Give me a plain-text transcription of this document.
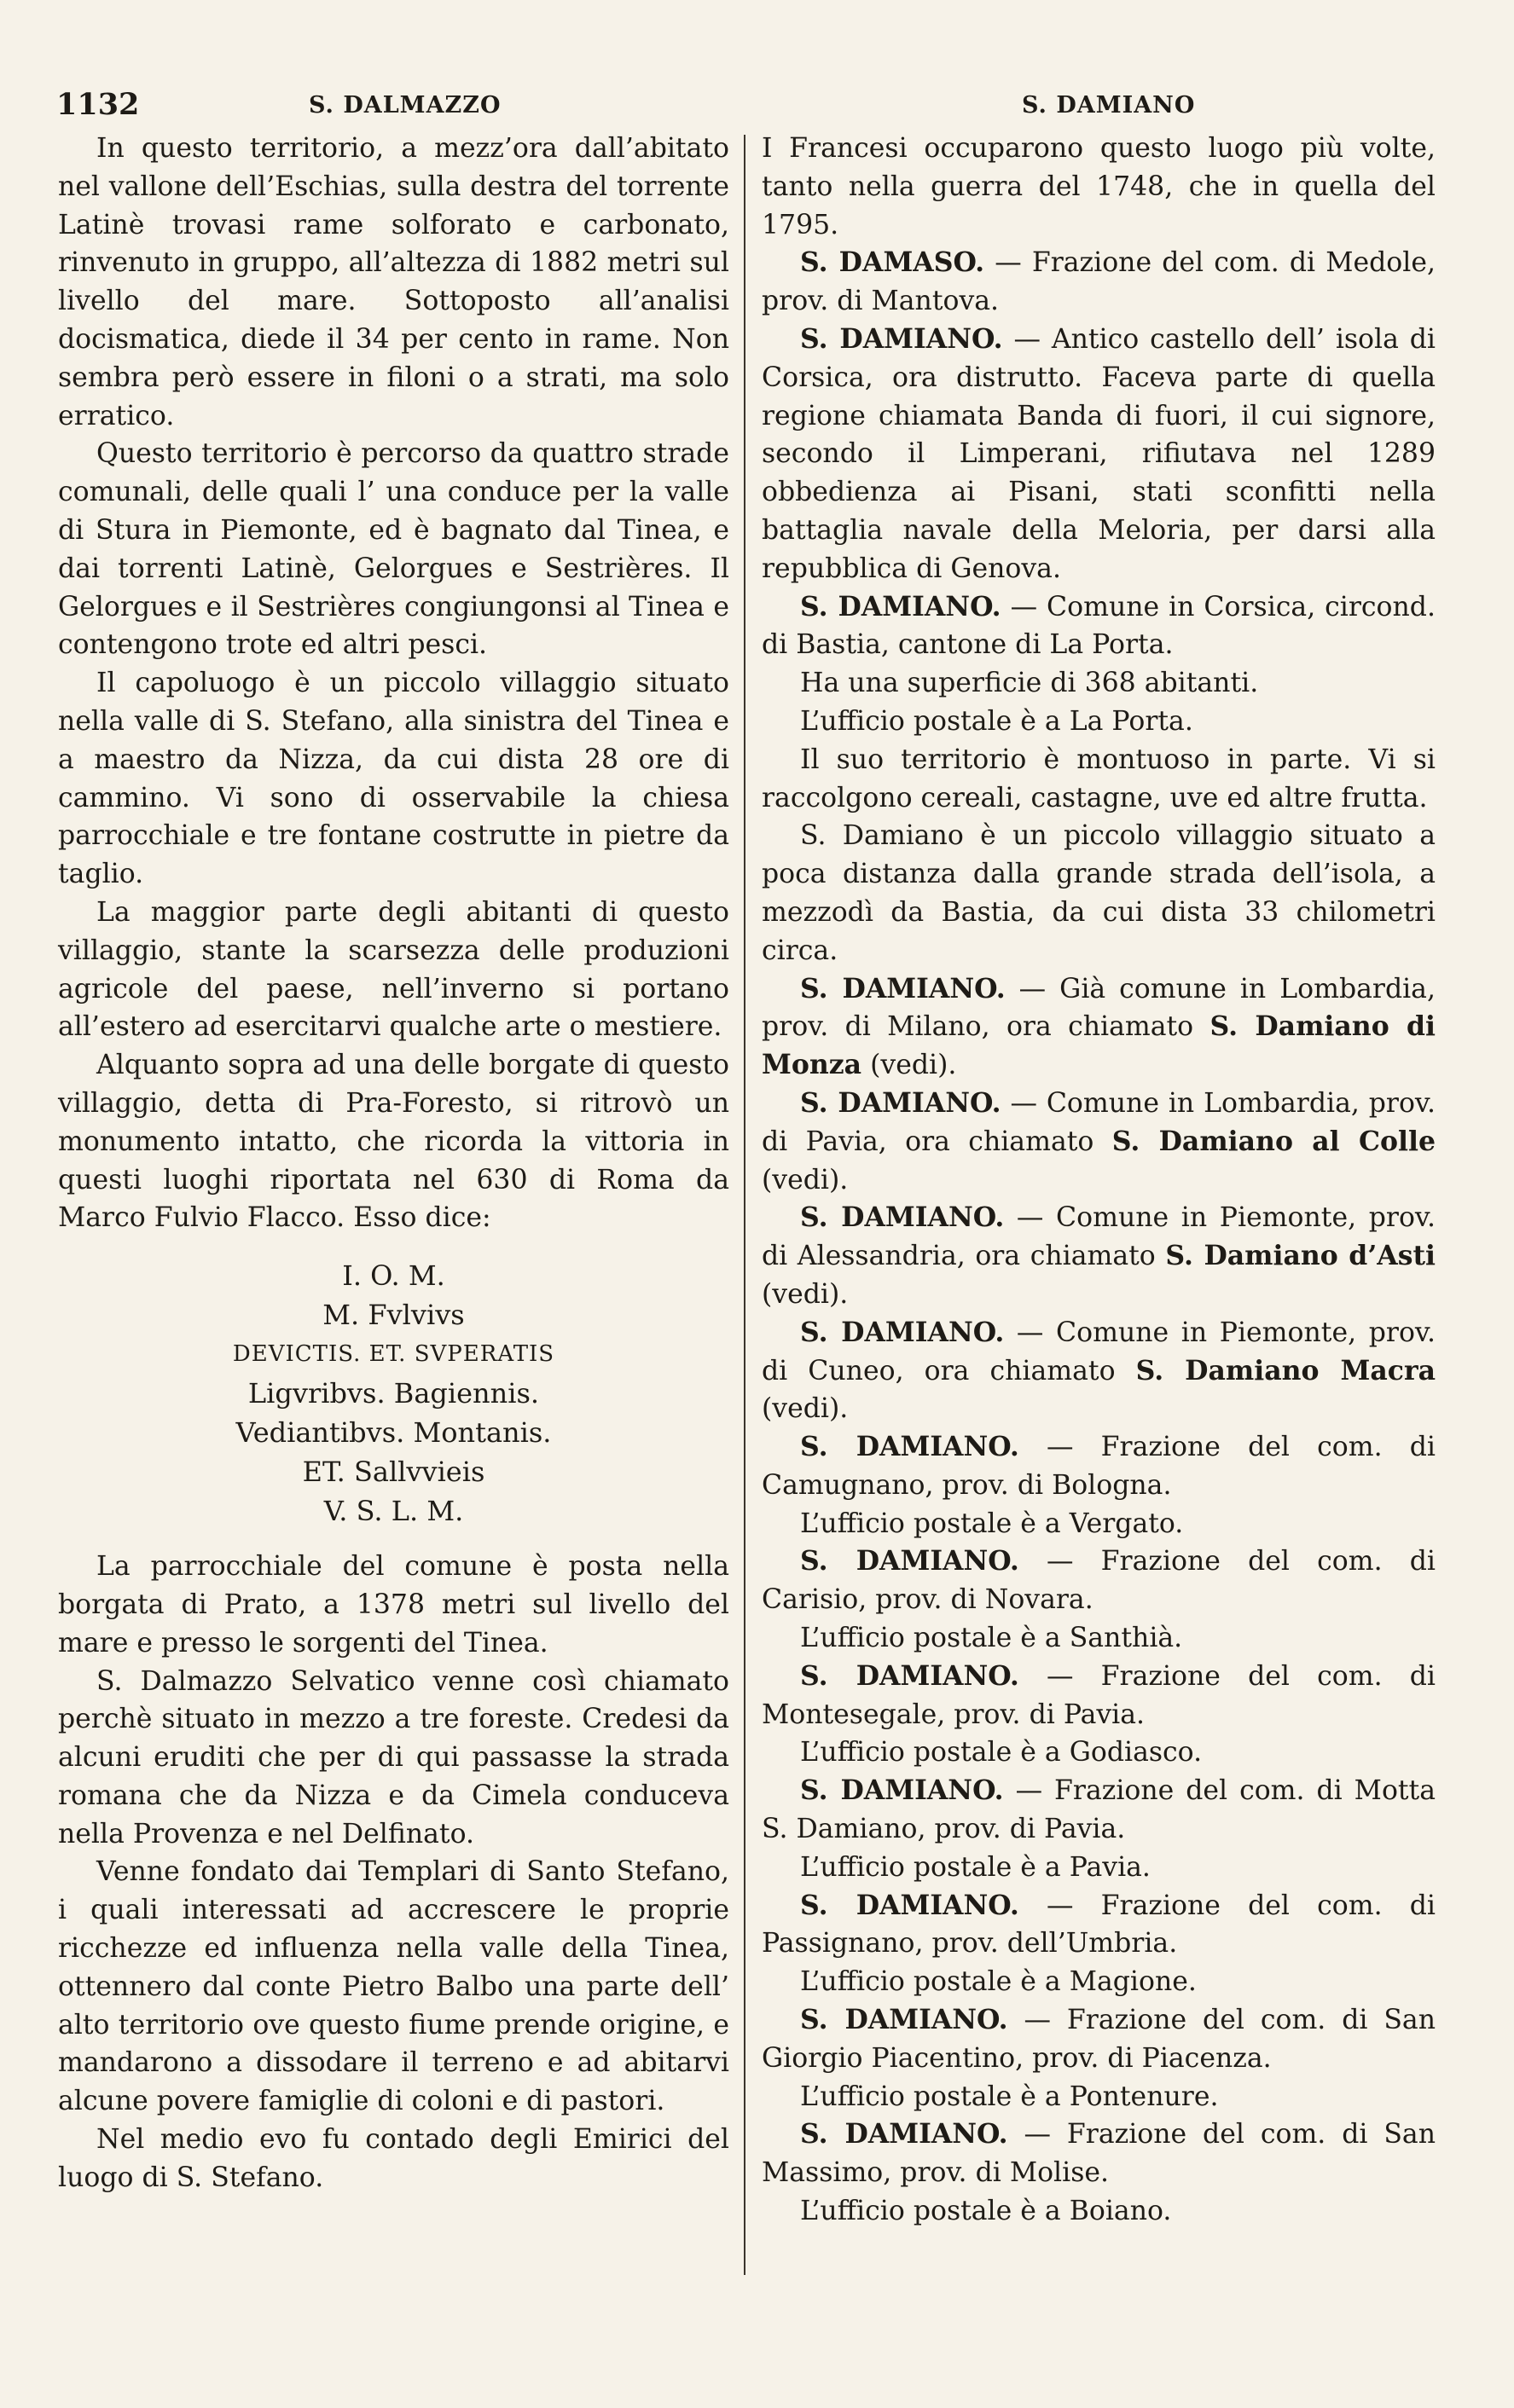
1132	S. DALMAZZO	S. DAMIANO

In questo territorio, a mezz’ora dall’abitato nel vallone dell’Eschias, sulla destra del torrente Latinè trovasi rame solforato e carbonato, rinvenuto in gruppo, all’altezza di 1882 metri sul livello del mare. Sottoposto all’analisi docismatica, diede il 34 per cento in rame. Non sembra però essere in filoni o a strati, ma solo erratico.

Questo territorio è percorso da quattro strade comunali, delle quali l’ una conduce per la valle di Stura in Piemonte, ed è bagnato dal Tinea, e dai torrenti Latinè, Gelorgues e Sestrières. Il Gelorgues e il Sestrières congiungonsi al Tinea e contengono trote ed altri pesci.

Il capoluogo è un piccolo villaggio situato nella valle di S. Stefano, alla sinistra del Tinea e a maestro da Nizza, da cui dista 28 ore di cammino. Vi sono di osservabile la chiesa parrocchiale e tre fontane costrutte in pietre da taglio.

La maggior parte degli abitanti di questo villaggio, stante la scarsezza delle produzioni agricole del paese, nell’inverno si portano all’estero ad esercitarvi qualche arte o mestiere.

Alquanto sopra ad una delle borgate di questo villaggio, detta di Pra-Foresto, si ritrovò un monumento intatto, che ricorda la vittoria in questi luoghi riportata nel 630 di Roma da Marco Fulvio Flacco. Esso dice:

I. O. M.
M. Fvlvivs
DEVICTIS. ET. SVPERATIS
Ligvribvs. Bagiennis.
Vediantibvs. Montanis.
ET. Sallvvieis
V. S. L. M.

La parrocchiale del comune è posta nella borgata di Prato, a 1378 metri sul livello del mare e presso le sorgenti del Tinea.

S. Dalmazzo Selvatico venne così chiamato perchè situato in mezzo a tre foreste. Credesi da alcuni eruditi che per di qui passasse la strada romana che da Nizza e da Cimela conduceva nella Provenza e nel Delfinato.

Venne fondato dai Templari di Santo Stefano, i quali interessati ad accrescere le proprie ricchezze ed influenza nella valle della Tinea, ottennero dal conte Pietro Balbo una parte dell’ alto territorio ove questo fiume prende origine, e mandarono a dissodare il terreno e ad abitarvi alcune povere famiglie di coloni e di pastori.

Nel medio evo fu contado degli Emirici del luogo di S. Stefano.

I Francesi occuparono questo luogo più volte, tanto nella guerra del 1748, che in quella del 1795.

S. DAMASO. — Frazione del com. di Medole, prov. di Mantova.

S. DAMIANO. — Antico castello dell’ isola di Corsica, ora distrutto. Faceva parte di quella regione chiamata Banda di fuori, il cui signore, secondo il Limperani, rifiutava nel 1289 obbedienza ai Pisani, stati sconfitti nella battaglia navale della Meloria, per darsi alla repubblica di Genova.

S. DAMIANO. — Comune in Corsica, circond. di Bastia, cantone di La Porta.

Ha una superficie di 368 abitanti.

L’ufficio postale è a La Porta.

Il suo territorio è montuoso in parte. Vi si raccolgono cereali, castagne, uve ed altre frutta.

S. Damiano è un piccolo villaggio situato a poca distanza dalla grande strada dell’isola, a mezzodì da Bastia, da cui dista 33 chilometri circa.

S. DAMIANO. — Già comune in Lombardia, prov. di Milano, ora chiamato S. Damiano di Monza (vedi).

S. DAMIANO. — Comune in Lombardia, prov. di Pavia, ora chiamato S. Damiano al Colle (vedi).

S. DAMIANO. — Comune in Piemonte, prov. di Alessandria, ora chiamato S. Damiano d’Asti (vedi).

S. DAMIANO. — Comune in Piemonte, prov. di Cuneo, ora chiamato S. Damiano Macra (vedi).

S. DAMIANO. — Frazione del com. di Camugnano, prov. di Bologna.

L’ufficio postale è a Vergato.

S. DAMIANO. — Frazione del com. di Carisio, prov. di Novara.

L’ufficio postale è a Santhià.

S. DAMIANO. — Frazione del com. di Montesegale, prov. di Pavia.

L’ufficio postale è a Godiasco.

S. DAMIANO. — Frazione del com. di Motta S. Damiano, prov. di Pavia.

L’ufficio postale è a Pavia.

S. DAMIANO. — Frazione del com. di Passignano, prov. dell’Umbria.

L’ufficio postale è a Magione.

S. DAMIANO. — Frazione del com. di San Giorgio Piacentino, prov. di Piacenza.

L’ufficio postale è a Pontenure.

S. DAMIANO. — Frazione del com. di San Massimo, prov. di Molise.

L’ufficio postale è a Boiano.
